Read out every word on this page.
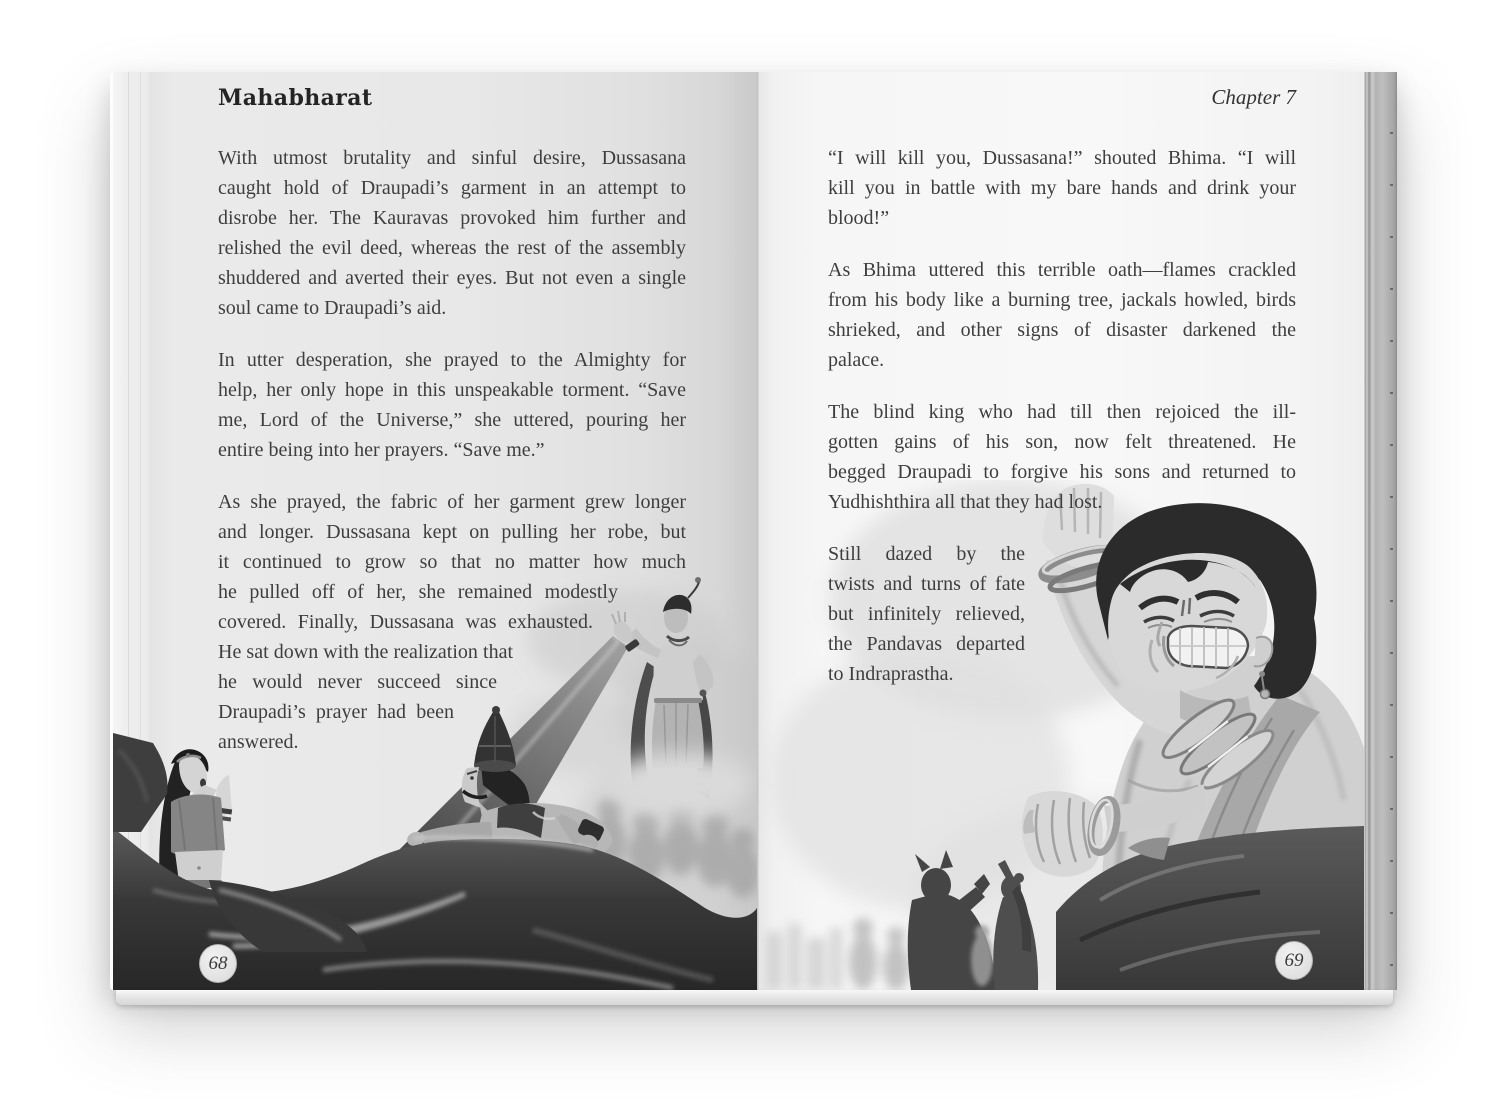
Mahabharat
With utmost brutality and sinful desire, Dussasana
caught hold of Draupadi’s garment in an attempt to
disrobe her. The Kauravas provoked him further and
relished the evil deed, whereas the rest of the assembly
shuddered and averted their eyes. But not even a single
soul came to Draupadi’s aid.
In utter desperation, she prayed to the Almighty for
help, her only hope in this unspeakable torment. “Save
me, Lord of the Universe,” she uttered, pouring her
entire being into her prayers. “Save me.”
As she prayed, the fabric of her garment grew longer
and longer. Dussasana kept on pulling her robe, but
it continued to grow so that no matter how much
he pulled off of her, she remained modestly
covered. Finally, Dussasana was exhausted.
He sat down with the realization that
he would never succeed since
Draupadi’s prayer had been
answered.
68
Chapter 7
“I will kill you, Dussasana!” shouted Bhima. “I will
kill you in battle with my bare hands and drink your
blood!”
As Bhima uttered this terrible oath—flames crackled
from his body like a burning tree, jackals howled, birds
shrieked, and other signs of disaster darkened the
palace.
The blind king who had till then rejoiced the ill-
gotten gains of his son, now felt threatened. He
begged Draupadi to forgive his sons and returned to
Yudhishthira all that they had lost.
Still dazed by the
twists and turns of fate
but infinitely relieved,
the Pandavas departed
to Indraprastha.
69
